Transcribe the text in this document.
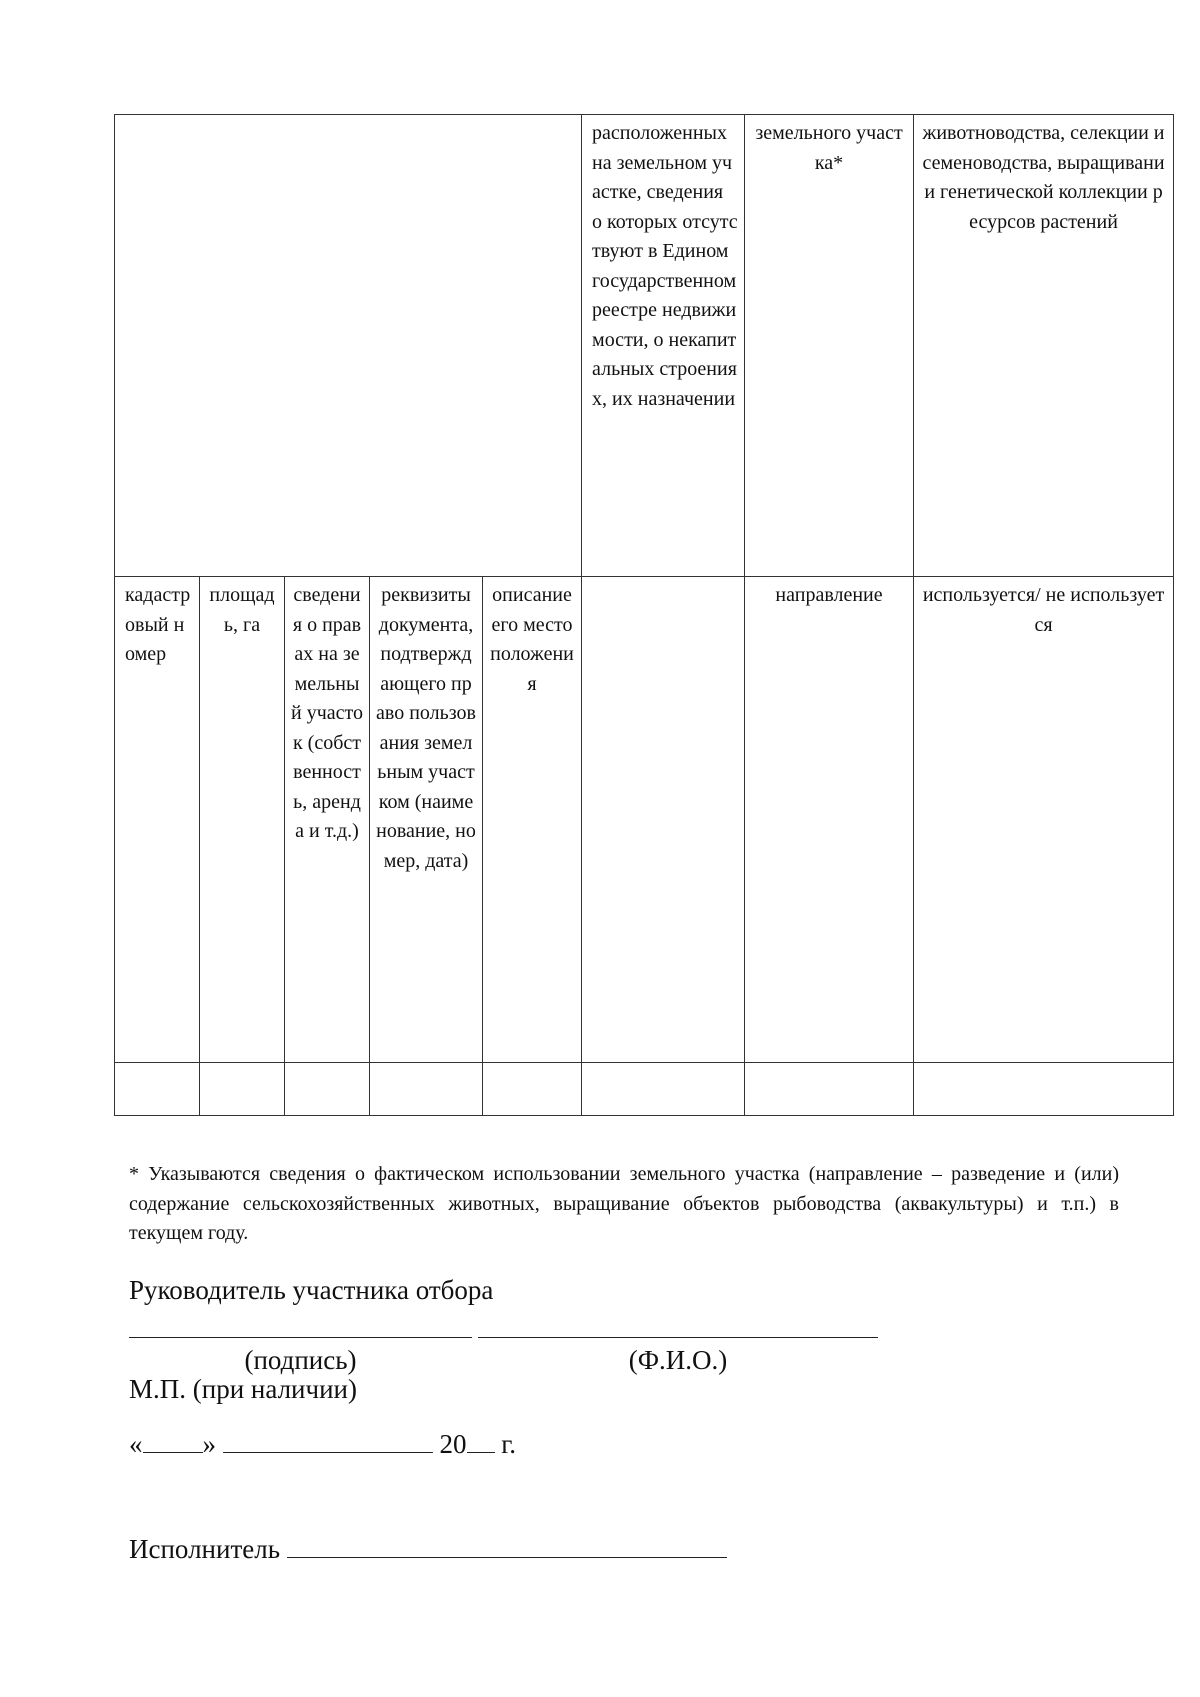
					расположенных на земельном участке, сведения о которых отсутствуют в Едином государственном реестре недвижимости, о некапитальных строениях, их назначении	земельного участка*	животноводства, селекции и семеноводства, выращивании генетической коллекции ресурсов растений
кадастровый номер	площадь, га	сведения о правах на земельный участок (собственность, аренда и т.д.)	реквизиты документа, подтверждающего право пользования земельным участком (наименование, номер, дата)	описание его местоположения		направление	используется/ не используется

* Указываются сведения о фактическом использовании земельного участка (направление – разведение и (или) содержание сельскохозяйственных животных, выращивание объектов рыбоводства (аквакультуры) и т.п.) в текущем году.

Руководитель участника отбора

(подпись)	(Ф.И.О.)
М.П. (при наличии)
« »	20 г.
Исполнитель
